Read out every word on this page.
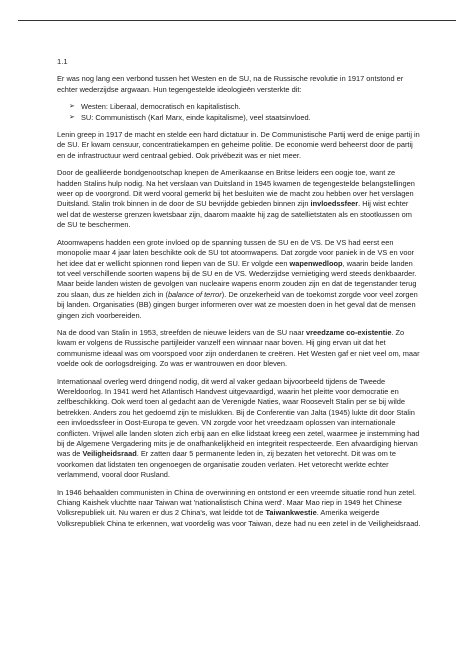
1.1

Er was nog lang een verbond tussen het Westen en de SU, na de Russische revolutie in 1917 ontstond er echter wederzijdse argwaan. Hun tegengestelde ideologieën versterkte dit:

➢ Westen: Liberaal, democratisch en kapitalistisch.
➢ SU: Communistisch (Karl Marx, einde kapitalisme), veel staatsinvloed.

Lenin greep in 1917 de macht en stelde een hard dictatuur in. De Communistische Partij werd de enige partij in de SU. Er kwam censuur, concentratiekampen en geheime politie. De economie werd beheerst door de partij en de infrastructuur werd centraal gebied. Ook privébezit was er niet meer.

Door de gealliëerde bondgenootschap knepen de Amerikaanse en Britse leiders een oogje toe, want ze hadden Stalins hulp nodig. Na het verslaan van Duitsland in 1945 kwamen de tegengestelde belangstellingen weer op de voorgrond. Dit werd vooral gemerkt bij het besluiten wie de macht zou hebben over het verslagen Duitsland. Stalin trok binnen in de door de SU bevrijdde gebieden binnen zijn invloedssfeer. Hij wist echter wel dat de westerse grenzen kwetsbaar zijn, daarom maakte hij zag de satellietstaten als en stootkussen om de SU te beschermen.

Atoomwapens hadden een grote invloed op de spanning tussen de SU en de VS. De VS had eerst een monopolie maar 4 jaar laten beschikte ook de SU tot atoomwapens. Dat zorgde voor paniek in de VS en voor het idee dat er wellicht spionnen rond liepen van de SU. Er volgde een wapenwedloop, waarin beide landen tot veel verschillende soorten wapens bij de SU en de VS. Wederzijdse vernietiging werd steeds denkbaarder. Maar beide landen wisten de gevolgen van nucleaire wapens enorm zouden zijn en dat de tegenstander terug zou slaan, dus ze hielden zich in (balance of terror). De onzekerheid van de toekomst zorgde voor veel zorgen bij landen. Organisaties (BB) gingen burger informeren over wat ze moesten doen in het geval dat de mensen gingen zich voorbereiden.

Na de dood van Stalin in 1953, streefden de nieuwe leiders van de SU naar vreedzame co-existentie. Zo kwam er volgens de Russische partijleider vanzelf een winnaar naar boven. Hij ging ervan uit dat het communisme ideaal was om voorspoed voor zijn onderdanen te creëren. Het Westen gaf er niet veel om, maar voelde ook de oorlogsdreiging. Zo was er wantrouwen en door bleven.

Internationaal overleg werd dringend nodig, dit werd al vaker gedaan bijvoorbeeld tijdens de Tweede Wereldoorlog. In 1941 werd het Atlantisch Handvest uitgevaardigd, waarin het pleitte voor democratie en zelfbeschikking. Ook werd toen al gedacht aan de Verenigde Naties, waar Roosevelt Stalin per se bij wilde betrekken. Anders zou het gedoemd zijn te mislukken. Bij de Conferentie van Jalta (1945) lukte dit door Stalin een invloedssfeer in Oost-Europa te geven. VN zorgde voor het vreedzaam oplossen van internationale conflicten. Vrijwel alle landen sloten zich erbij aan en elke lidstaat kreeg een zetel, waarmee je instemming had bij de Algemene Vergadering mits je de onafhankelijkheid en integriteit respecteerde. Een afvaardiging hiervan was de Veiligheidsraad. Er zatten daar 5 permanente leden in, zij bezaten het vetorecht. Dit was om te voorkomen dat lidstaten ten ongenoegen de organisatie zouden verlaten. Het vetorecht werkte echter verlammend, vooral door Rusland.

In 1946 behaalden communisten in China de overwinning en ontstond er een vreemde situatie rond hun zetel. Chiang Kaishek vluchtte naar Taiwan wat 'nationalistisch China werd'. Maar Mao riep in 1949 het Chinese Volksrepubliek uit. Nu waren er dus 2 China's, wat leidde tot de Taiwankwestie. Amerika weigerde Volksrepubliek China te erkennen, wat voordelig was voor Taiwan, deze had nu een zetel in de Veiligheidsraad.
